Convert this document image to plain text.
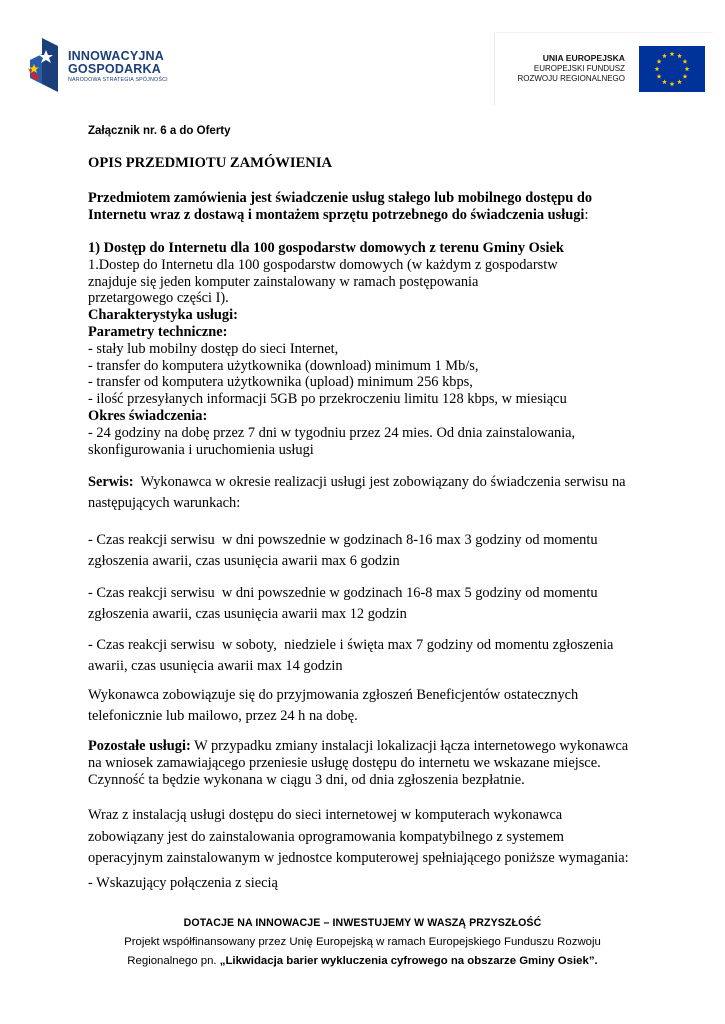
INNOWACYJNA
GOSPODARKA
NARODOWA STRATEGIA SPÓJNOŚCI
UNIA EUROPEJSKA
EUROPEJSKI FUNDUSZ
ROZWOJU REGIONALNEGO
Załącznik nr. 6 a do Oferty
OPIS PRZEDMIOTU ZAMÓWIENIA

Przedmiotem zamówienia jest świadczenie usług stałego lub mobilnego dostępu do Internetu wraz z dostawą i montażem sprzętu potrzebnego do świadczenia usługi:

1) Dostęp do Internetu dla 100 gospodarstw domowych z terenu Gminy Osiek

1.Dostep do Internetu dla 100 gospodarstw domowych (w każdym z gospodarstw

znajduje się jeden komputer zainstalowany w ramach postępowania

przetargowego części I).

Charakterystyka usługi:

Parametry techniczne:

- stały lub mobilny dostęp do sieci Internet,

- transfer do komputera użytkownika (download) minimum 1 Mb/s,

- transfer od komputera użytkownika (upload) minimum 256 kbps,

- ilość przesyłanych informacji 5GB po przekroczeniu limitu 128 kbps, w miesiącu

Okres świadczenia:

- 24 godziny na dobę przez 7 dni w tygodniu przez 24 mies. Od dnia zainstalowania,

skonfigurowania i uruchomienia usługi

Serwis:  Wykonawca w okresie realizacji usługi jest zobowiązany do świadczenia serwisu na

następujących warunkach:

- Czas reakcji serwisu  w dni powszednie w godzinach 8-16 max 3 godziny od momentu

zgłoszenia awarii, czas usunięcia awarii max 6 godzin

- Czas reakcji serwisu  w dni powszednie w godzinach 16-8 max 5 godziny od momentu

zgłoszenia awarii, czas usunięcia awarii max 12 godzin

- Czas reakcji serwisu  w soboty,  niedziele i święta max 7 godziny od momentu zgłoszenia

awarii, czas usunięcia awarii max 14 godzin

Wykonawca zobowiązuje się do przyjmowania zgłoszeń Beneficjentów ostatecznych

telefonicznie lub mailowo, przez 24 h na dobę.

Pozostałe usługi: W przypadku zmiany instalacji lokalizacji łącza internetowego wykonawca

na wniosek zamawiającego przeniesie usługę dostępu do internetu we wskazane miejsce.

Czynność ta będzie wykonana w ciągu 3 dni, od dnia zgłoszenia bezpłatnie.

Wraz z instalacją usługi dostępu do sieci internetowej w komputerach wykonawca

zobowiązany jest do zainstalowania oprogramowania kompatybilnego z systemem

operacyjnym zainstalowanym w jednostce komputerowej spełniającego poniższe wymagania:

- Wskazujący połączenia z siecią

DOTACJE NA INNOWACJE – INWESTUJEMY W WASZĄ PRZYSZŁOŚĆ
Projekt współfinansowany przez Unię Europejską w ramach Europejskiego Funduszu Rozwoju
Regionalnego pn. „Likwidacja barier wykluczenia cyfrowego na obszarze Gminy Osiek”.
